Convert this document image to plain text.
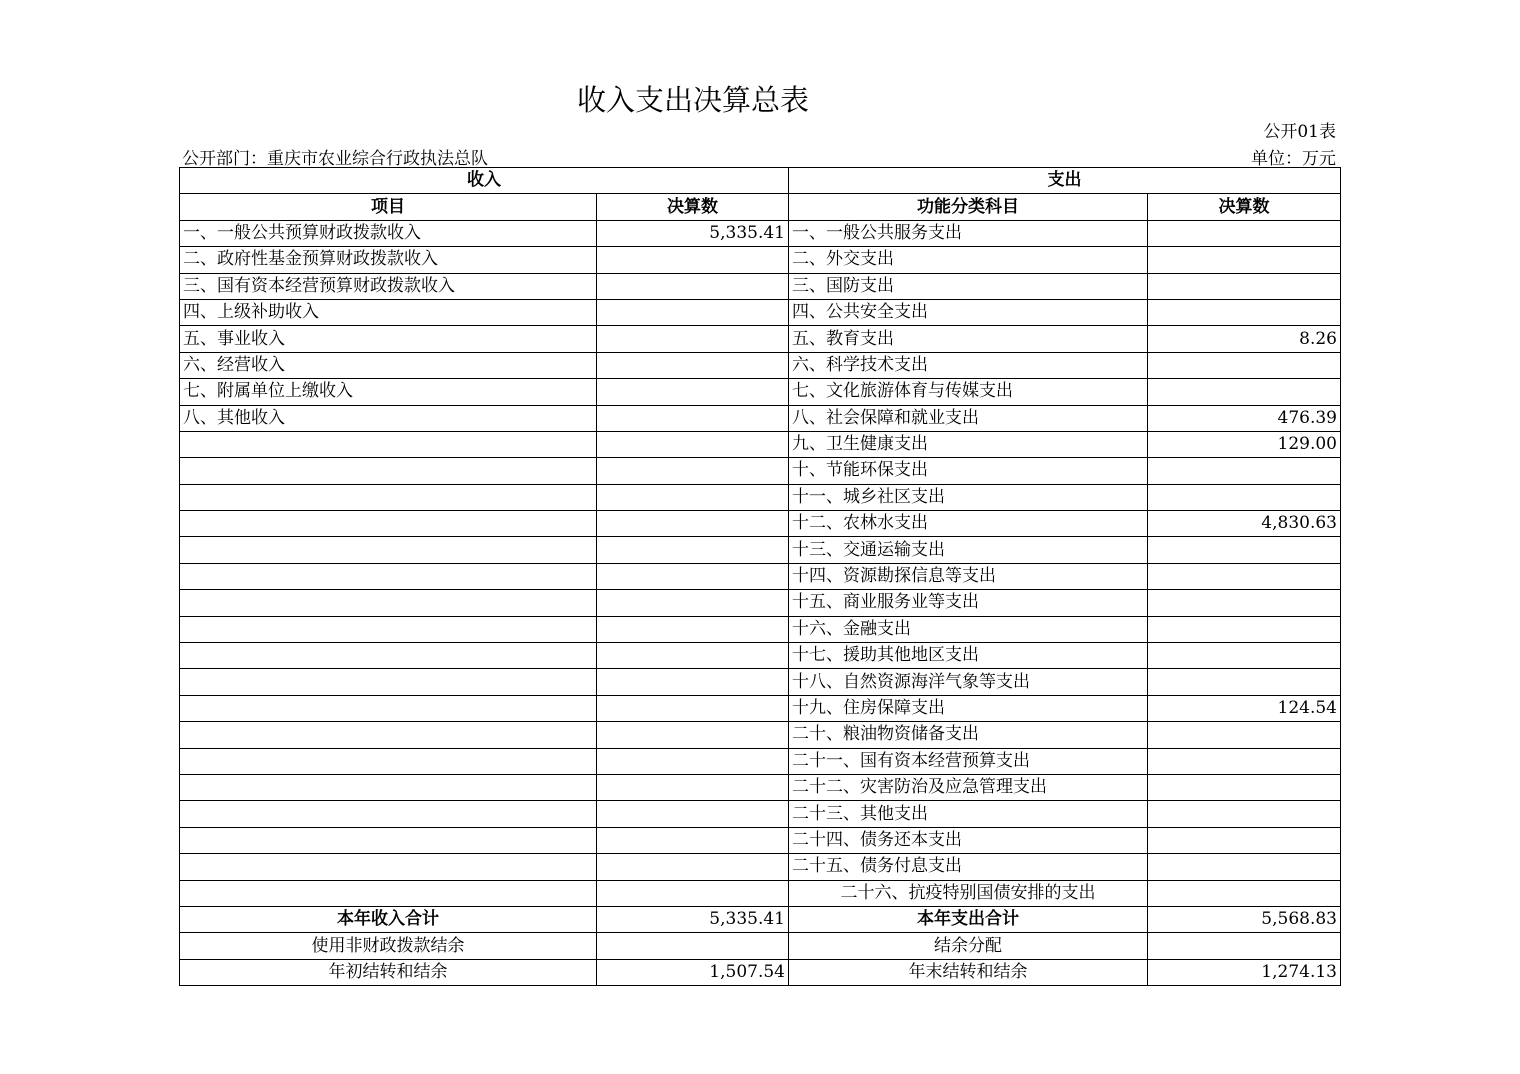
收入支出决算总表
公开01表
公开部门：重庆市农业综合行政执法总队	单位：万元
收入		支出	
项目	决算数	功能分类科目	决算数
一、一般公共预算财政拨款收入	5,335.41	一、一般公共服务支出	
二、政府性基金预算财政拨款收入		二、外交支出	
三、国有资本经营预算财政拨款收入		三、国防支出	
四、上级补助收入		四、公共安全支出	
五、事业收入		五、教育支出	8.26
六、经营收入		六、科学技术支出	
七、附属单位上缴收入		七、文化旅游体育与传媒支出	
八、其他收入		八、社会保障和就业支出	476.39
		九、卫生健康支出	129.00
		十、节能环保支出	
		十一、城乡社区支出	
		十二、农林水支出	4,830.63
		十三、交通运输支出	
		十四、资源勘探信息等支出	
		十五、商业服务业等支出	
		十六、金融支出	
		十七、援助其他地区支出	
		十八、自然资源海洋气象等支出	
		十九、住房保障支出	124.54
		二十、粮油物资储备支出	
		二十一、国有资本经营预算支出	
		二十二、灾害防治及应急管理支出	
		二十三、其他支出	
		二十四、债务还本支出	
		二十五、债务付息支出	
		二十六、抗疫特别国债安排的支出	
本年收入合计	5,335.41	本年支出合计	5,568.83
使用非财政拨款结余		结余分配	
年初结转和结余	1,507.54	年末结转和结余	1,274.13
